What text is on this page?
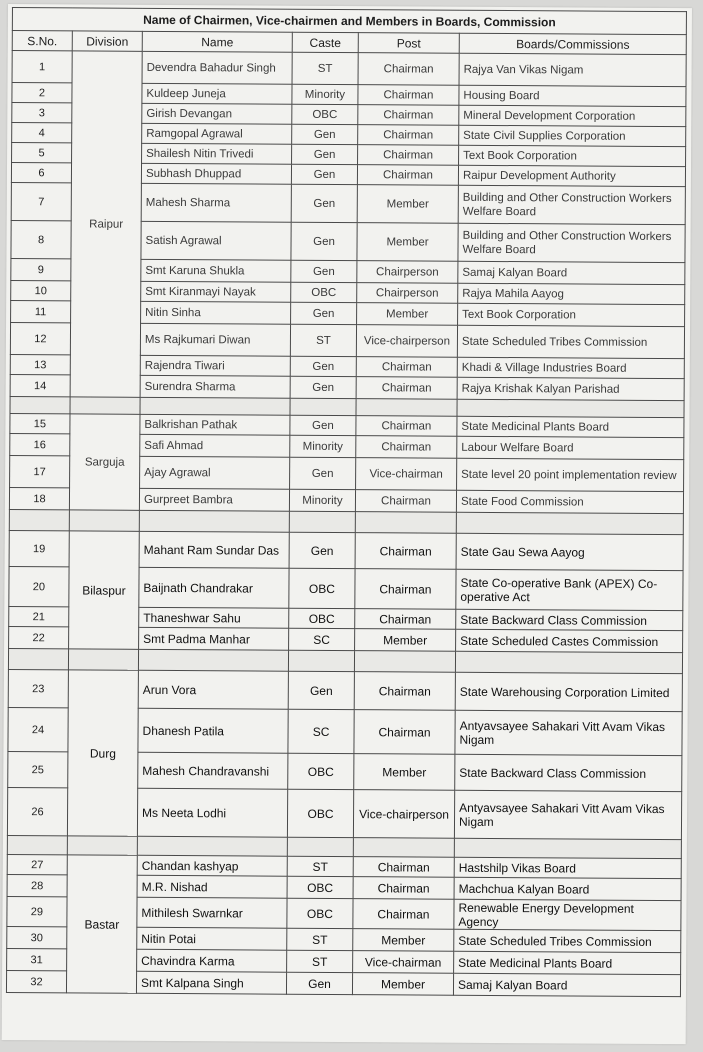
Name of Chairmen, Vice-chairmen and Members in Boards, Commission					
S.No.	Division	Name	Caste	Post	Boards/Commissions
1	Raipur	Devendra Bahadur Singh	ST	Chairman	Rajya Van Vikas Nigam
2		Kuldeep Juneja	Minority	Chairman	Housing Board
3		Girish Devangan	OBC	Chairman	Mineral Development Corporation
4		Ramgopal Agrawal	Gen	Chairman	State Civil Supplies Corporation
5		Shailesh Nitin Trivedi	Gen	Chairman	Text Book Corporation
6		Subhash Dhuppad	Gen	Chairman	Raipur Development Authority
7		Mahesh Sharma	Gen	Member	Building and Other Construction Workers Welfare Board
8		Satish Agrawal	Gen	Member	Building and Other Construction Workers Welfare Board
9		Smt Karuna Shukla	Gen	Chairperson	Samaj Kalyan Board
10		Smt Kiranmayi Nayak	OBC	Chairperson	Rajya Mahila Aayog
11		Nitin Sinha	Gen	Member	Text Book Corporation
12		Ms Rajkumari Diwan	ST	Vice-chairperson	State Scheduled Tribes Commission
13		Rajendra Tiwari	Gen	Chairman	Khadi & Village Industries Board
14		Surendra Sharma	Gen	Chairman	Rajya Krishak Kalyan Parishad

15	Sarguja	Balkrishan Pathak	Gen	Chairman	State Medicinal Plants Board
16		Safi Ahmad	Minority	Chairman	Labour Welfare Board
17		Ajay Agrawal	Gen	Vice-chairman	State level 20 point implementation review
18		Gurpreet Bambra	Minority	Chairman	State Food Commission

19	Bilaspur	Mahant Ram Sundar Das	Gen	Chairman	State Gau Sewa Aayog
20		Baijnath Chandrakar	OBC	Chairman	State Co-operative Bank (APEX) Co-operative Act
21		Thaneshwar Sahu	OBC	Chairman	State Backward Class Commission
22		Smt Padma Manhar	SC	Member	State Scheduled Castes Commission

23	Durg	Arun Vora	Gen	Chairman	State Warehousing Corporation Limited
24		Dhanesh Patila	SC	Chairman	Antyavsayee Sahakari Vitt Avam Vikas Nigam
25		Mahesh Chandravanshi	OBC	Member	State Backward Class Commission
26		Ms Neeta Lodhi	OBC	Vice-chairperson	Antyavsayee Sahakari Vitt Avam Vikas Nigam

27	Bastar	Chandan kashyap	ST	Chairman	Hastshilp Vikas Board
28		M.R. Nishad	OBC	Chairman	Machchua Kalyan Board
29		Mithilesh Swarnkar	OBC	Chairman	Renewable Energy Development Agency
30		Nitin Potai	ST	Member	State Scheduled Tribes Commission
31		Chavindra Karma	ST	Vice-chairman	State Medicinal Plants Board
32		Smt Kalpana Singh	Gen	Member	Samaj Kalyan Board
